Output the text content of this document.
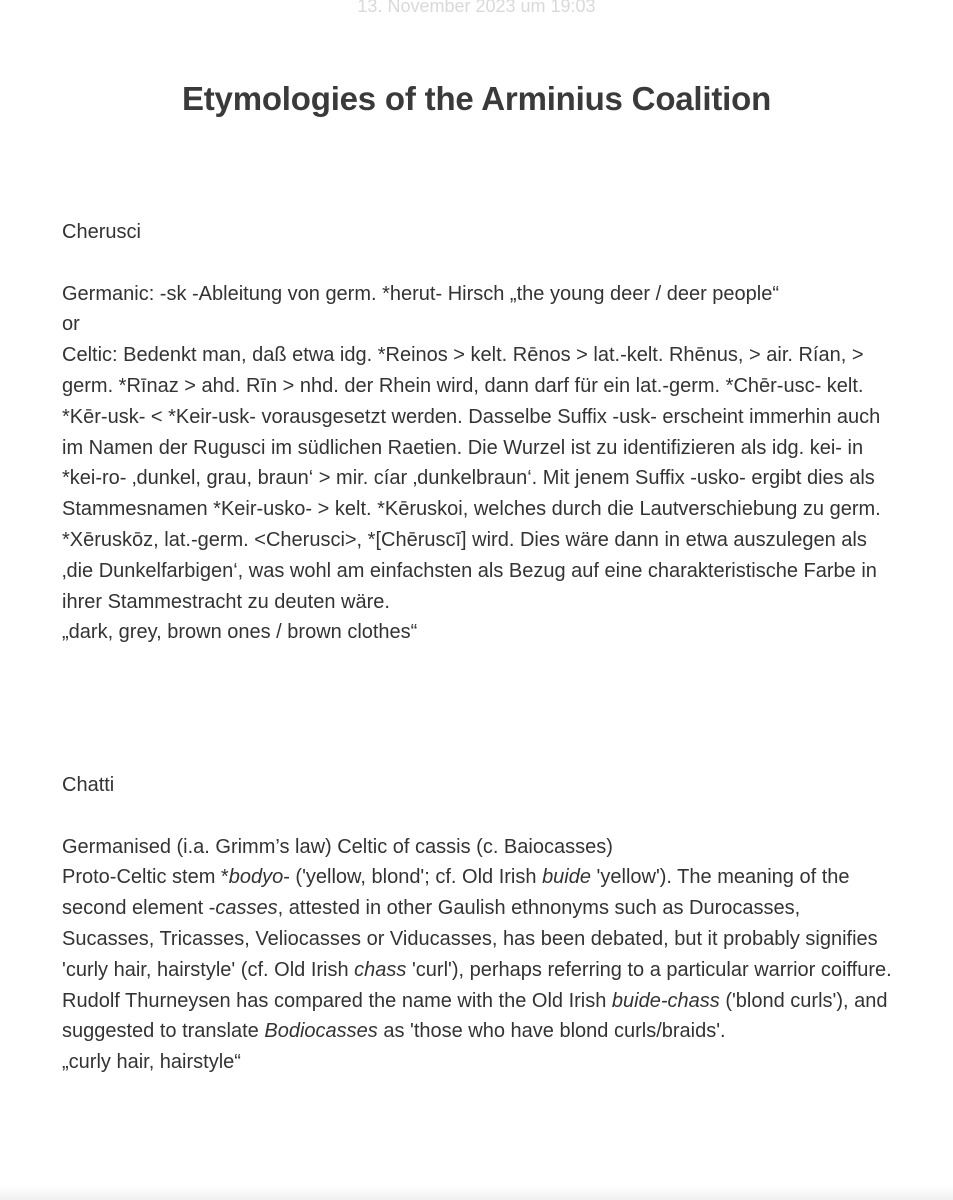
13. November 2023 um 19:03
Etymologies of the Arminius Coalition
Cherusci

Germanic: -sk -Ableitung von germ. *herut- Hirsch „the young deer / deer people“

or

Celtic: Bedenkt man, daß etwa idg. *Reinos > kelt. Rēnos > lat.-kelt. Rhēnus, > air. Rían, > germ. *Rīnaz > ahd. Rīn > nhd. der Rhein wird, dann darf für ein lat.-germ. *Chēr-usc- kelt. *Kēr-usk- < *Keir-usk- vorausgesetzt werden. Dasselbe Suffix -usk- erscheint immerhin auch im Namen der Rugusci im südlichen Raetien. Die Wurzel ist zu identifizieren als idg. kei- in *kei-ro- ‚dunkel, grau, braun‘ > mir. cíar ‚dunkelbraun‘. Mit jenem Suffix -usko- ergibt dies als Stammesnamen *Keir-usko- > kelt. *Kēruskoi, welches durch die Lautverschiebung zu germ. *Xēruskōz, lat.-germ. <Cherusci>, *[Chēruscī] wird. Dies wäre dann in etwa auszulegen als ‚die Dunkelfarbigen‘, was wohl am einfachsten als Bezug auf eine charakteristische Farbe in ihrer Stammestracht zu deuten wäre.

„dark, grey, brown ones / brown clothes“

Chatti

Germanised (i.a. Grimm’s law) Celtic of cassis (c. Baiocasses)

Proto-Celtic stem *bodyo- ('yellow, blond'; cf. Old Irish buide 'yellow'). The meaning of the second element -casses, attested in other Gaulish ethnonyms such as Durocasses, Sucasses, Tricasses, Veliocasses or Viducasses, has been debated, but it probably signifies 'curly hair, hairstyle' (cf. Old Irish chass 'curl'), perhaps referring to a particular warrior coiffure. Rudolf Thurneysen has compared the name with the Old Irish buide-chass ('blond curls'), and suggested to translate Bodiocasses as 'those who have blond curls/braids'.

„curly hair, hairstyle“
